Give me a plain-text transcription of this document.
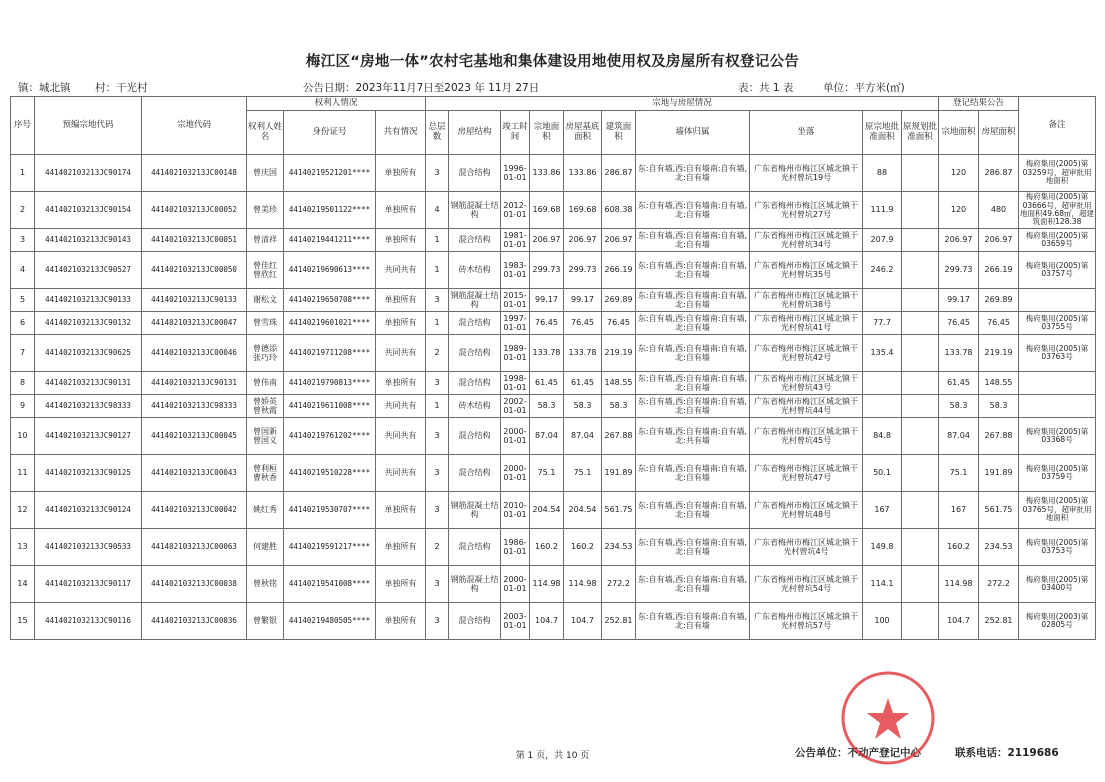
梅江区“房地一体”农村宅基地和集体建设用地使用权及房屋所有权登记公告
镇：城北镇 村：干光村	公告日期：2023年11月7日至2023 年 11月 27日	表：共 1 表	单位：平方米(㎡)
序号	预编宗地代码	宗地代码	权利人情况			宗地与房屋情况										登记结果公告		备注
			权利人姓名	身份证号	共有情况	总层数	房屋结构	竣工时间	宗地面积	房屋基底面积	建筑面积	墙体归属	坐落	原宗地批准面积	原规划批准面积	宗地面积	房屋面积	
1	441402103213JC90174	441402103213JC00148	曾庆国	44140219521201****	单独所有	3	混合结构	1996-01-01	133.86	133.86	286.87	东:自有墙,西:自有墙南:自有墙,北:自有墙	广东省梅州市梅江区城北镇干光村曾坑19号	88		120	286.87	梅府集用(2005)第03259号，超审批用地面积
2	441402103213JC90154	441402103213JC00052	曾美珍	44140219501122****	单独所有	4	钢筋混凝土结构	2012-01-01	169.68	169.68	608.38	东:自有墙,西:自有墙南:自有墙,北:自有墙	广东省梅州市梅江区城北镇干光村曾坑27号	111.9		120	480	梅府集用(2005)第03666号，超审批用地面积49.68㎡，超建筑面积128.38
3	441402103213JC90143	441402103213JC00051	曾清祥	44140219441211****	单独所有	1	混合结构	1981-01-01	206.97	206.97	206.97	东:自有墙,西:自有墙南:自有墙,北:自有墙	广东省梅州市梅江区城北镇干光村曾坑34号	207.9		206.97	206.97	梅府集用(2005)第03659号
4	441402103213JC90527	441402103213JC00050	曾佳红 曾欣红	44140219690613****	共同共有	1	砖木结构	1983-01-01	299.73	299.73	266.19	东:自有墙,西:自有墙南:自有墙,北:自有墙	广东省梅州市梅江区城北镇干光村曾坑35号	246.2		299.73	266.19	梅府集用(2005)第03757号
5	441402103213JC90133	441402103213JC90133	谢松文	44140219650708****	单独所有	3	钢筋混凝土结构	2015-01-01	99.17	99.17	269.89	东:自有墙,西:自有墙南:自有墙,北:自有墙	广东省梅州市梅江区城北镇干光村曾坑38号			99.17	269.89	
6	441402103213JC90132	441402103213JC00047	曾雪珠	44140219601021****	单独所有	1	混合结构	1997-01-01	76.45	76.45	76.45	东:自有墙,西:自有墙南:自有墙,北:自有墙	广东省梅州市梅江区城北镇干光村曾坑41号	77.7		76.45	76.45	梅府集用(2005)第03755号
7	441402103213JC90625	441402103213JC00046	曾德添 张巧玲	44140219711208****	共同共有	2	混合结构	1989-01-01	133.78	133.78	219.19	东:自有墙,西:自有墙南:自有墙,北:自有墙	广东省梅州市梅江区城北镇干光村曾坑42号	135.4		133.78	219.19	梅府集用(2005)第03763号
8	441402103213JC90131	441402103213JC90131	曾伟南	44140219790813****	单独所有	3	混合结构	1998-01-01	61.45	61.45	148.55	东:自有墙,西:自有墙南:自有墙,北:自有墙	广东省梅州市梅江区城北镇干光村曾坑43号			61.45	148.55	
9	441402103213JC98333	441402103213JC98333	曾娇英 曾秋霞	44140219611008****	共同共有	1	砖木结构	2002-01-01	58.3	58.3	58.3	东:自有墙,西:自有墙南:自有墙,北:自有墙	广东省梅州市梅江区城北镇干光村曾坑44号			58.3	58.3	
10	441402103213JC90127	441402103213JC00045	曾国新 曾国义	44140219761202****	共同共有	3	混合结构	2000-01-01	87.04	87.04	267.88	东:自有墙,西:自有墙南:自有墙,北:共有墙	广东省梅州市梅江区城北镇干光村曾坑45号	84.8		87.04	267.88	梅府集用(2005)第03368号
11	441402103213JC90125	441402103213JC00043	曾利桓 曹秋香	44140219510228****	共同共有	3	混合结构	2000-01-01	75.1	75.1	191.89	东:自有墙,西:自有墙南:自有墙,北:自有墙	广东省梅州市梅江区城北镇干光村曾坑47号	50.1		75.1	191.89	梅府集用(2005)第03759号
12	441402103213JC90124	441402103213JC00042	姚红秀	44140219530707****	单独所有	3	钢筋混凝土结构	2010-01-01	204.54	204.54	561.75	东:自有墙,西:自有墙南:自有墙,北:自有墙	广东省梅州市梅江区城北镇干光村曾坑48号	167		167	561.75	梅府集用(2005)第03765号，超审批用地面积
13	441402103213JC90533	441402103213JC00063	何建胜	44140219591217****	单独所有	2	混合结构	1986-01-01	160.2	160.2	234.53	东:自有墙,西:自有墙南:自有墙,北:自有墙	广东省梅州市梅江区城北镇干光村曾坑4号	149.8		160.2	234.53	梅府集用(2005)第03753号
14	441402103213JC90117	441402103213JC00038	曾秋铭	44140219541008****	单独所有	3	钢筋混凝土结构	2000-01-01	114.98	114.98	272.2	东:自有墙,西:自有墙南:自有墙,北:自有墙	广东省梅州市梅江区城北镇干光村曾坑54号	114.1		114.98	272.2	梅府集用(2005)第03400号
15	441402103213JC90116	441402103213JC00036	曾繁银	44140219480505****	单独所有	3	混合结构	2003-01-01	104.7	104.7	252.81	东:自有墙,西:自有墙南:自有墙,北:自有墙	广东省梅州市梅江区城北镇干光村曾坑57号	100		104.7	252.81	梅府集用(2003)第02805号
第 1 页，共 10 页	公告单位：不动产登记中心	联系电话：2119686
